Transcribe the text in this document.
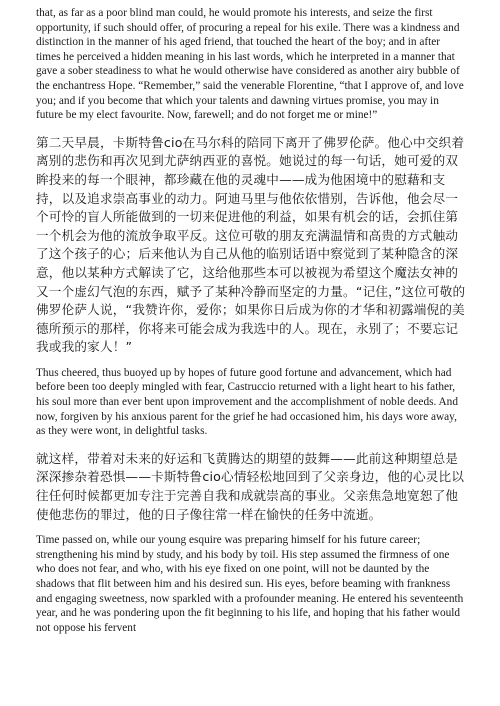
that, as far as a poor blind man could, he would promote his interests, and seize the first opportunity, if such should offer, of procuring a repeal for his exile. There was a kindness and distinction in the manner of his aged friend, that touched the heart of the boy; and in after times he perceived a hidden meaning in his last words, which he interpreted in a manner that gave a sober steadiness to what he would otherwise have considered as another airy bubble of the enchantress Hope. “Remember,” said the venerable Florentine, “that I approve of, and love you; and if you become that which your talents and dawning virtues promise, you may in future be my elect favourite. Now, farewell; and do not forget me or mine!”

第二天早晨，卡斯特鲁cio在马尔科的陪同下离开了佛罗伦萨。他心中交织着离别的悲伤和再次见到尤萨纳西亚的喜悦。她说过的每一句话，她可爱的双眸投来的每一个眼神，都珍藏在他的灵魂中——成为他困境中的慰藉和支持，以及追求崇高事业的动力。阿迪马里与他依依惜别，告诉他，他会尽一个可怜的盲人所能做到的一切来促进他的利益，如果有机会的话，会抓住第一个机会为他的流放争取平反。这位可敬的朋友充满温情和高贵的方式触动了这个孩子的心；后来他认为自己从他的临别话语中察觉到了某种隐含的深意，他以某种方式解读了它，这给他那些本可以被视为希望这个魔法女神的又一个虚幻气泡的东西，赋予了某种冷静而坚定的力量。“记住，”这位可敬的佛罗伦萨人说，“我赞许你，爱你；如果你日后成为你的才华和初露端倪的美德所预示的那样，你将来可能会成为我选中的人。现在，永别了；不要忘记我或我的家人！”

Thus cheered, thus buoyed up by hopes of future good fortune and advancement, which had before been too deeply mingled with fear, Castruccio returned with a light heart to his father, his soul more than ever bent upon improvement and the accomplishment of noble deeds. And now, forgiven by his anxious parent for the grief he had occasioned him, his days wore away, as they were wont, in delightful tasks.

就这样，带着对未来的好运和飞黄腾达的期望的鼓舞——此前这种期望总是深深掺杂着恐惧——卡斯特鲁cio心情轻松地回到了父亲身边，他的心灵比以往任何时候都更加专注于完善自我和成就崇高的事业。父亲焦急地宽恕了他使他悲伤的罪过，他的日子像往常一样在愉快的任务中流逝。

Time passed on, while our young esquire was preparing himself for his future career; strengthening his mind by study, and his body by toil. His step assumed the firmness of one who does not fear, and who, with his eye fixed on one point, will not be daunted by the shadows that flit between him and his desired sun. His eyes, before beaming with frankness and engaging sweetness, now sparkled with a profounder meaning. He entered his seventeenth year, and he was pondering upon the fit beginning to his life, and hoping that his father would not oppose his fervent
